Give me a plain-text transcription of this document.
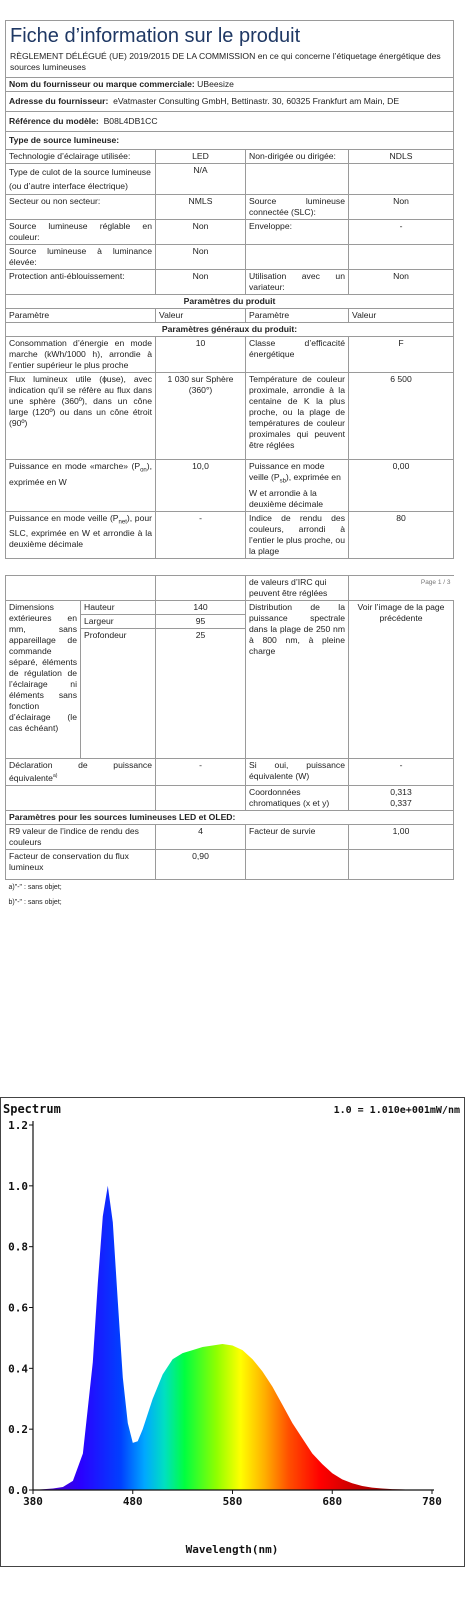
Fiche d’information sur le produit				
RÈGLEMENT DÉLÉGUÉ (UE) 2019/2015 DE LA COMMISSION en ce qui concerne l’étiquetage énergétique des sources lumineuses				
Nom du fournisseur ou marque commerciale: UBeesize				
Adresse du fournisseur: eVatmaster Consulting GmbH, Bettinastr. 30, 60325 Frankfurt am Main, DE				
Référence du modèle: B08L4DB1CC				
Type de source lumineuse:				
Technologie d’éclairage utilisée:		LED	Non-dirigée ou dirigée:	NDLS
Type de culot de la source lumineuse
(ou d’autre interface électrique)		N/A		
Secteur ou non secteur:		NMLS	Source lumineuse connectée (SLC):	Non
Source lumineuse réglable en couleur:		Non	Enveloppe:	-
Source lumineuse à luminance élevée:		Non		
Protection anti-éblouissement:		Non	Utilisation avec un variateur:	Non
Paramètres du produit				
Paramètre		Valeur	Paramètre	Valeur
Paramètres généraux du produit:				
Consommation d’énergie en mode marche (kWh/1000 h), arrondie à l’entier supérieur le plus proche		10	Classe d’efficacité énergétique	F
Flux lumineux utile (ɸuse), avec indication qu’il se réfère au flux dans une sphère (360º), dans un cône large (120º) ou dans un cône étroit (90º)		1 030 sur Sphère (360°)	Température de couleur proximale, arrondie à la centaine de K la plus proche, ou la plage de températures de couleur proximales qui peuvent être réglées	6 500
Puissance en mode «marche» $(P_{on})$, exprimée en W		10,0	Puissance en mode veille $(P_{sb})$, exprimée en W et arrondie à la deuxième décimale	0,00
Puissance en mode veille $(P_{net})$, pour SLC, exprimée en W et arrondie à la deuxième décimale		-	Indice de rendu des couleurs, arrondi à l’entier le plus proche, ou la plage	80

			de valeurs d’IRC qui peuvent être réglées	Page 1 / 3
Dimensions extérieures en mm, sans appareillage de commande séparé, éléments de régulation de l’éclairage ni éléments sans fonction d’éclairage (le cas échéant)	Hauteur	140	Distribution de la puissance spectrale dans la plage de 250 nm à 800 nm, à pleine charge	Voir l’image de la page précédente
	Largeur	95		
	Profondeur	25		
Déclaration de puissance équivalente$^{a)}$		-	Si oui, puissance équivalente (W)	-
			Coordonnées chromatiques (x et y)	0,313
0,337
Paramètres pour les sources lumineuses LED et OLED:				
R9 valeur de l’indice de rendu des couleurs		4	Facteur de survie	1,00
Facteur de conservation du flux lumineux		0,90		
a)"-" : sans objet;				
b)"-" : sans objet;				
Spectrum	1.0 = 1.010e+001mW/nm
Wavelength(nm)
0.0
0.2
0.4
0.6
0.8
1.0
1.2
380	480	580	680	780
